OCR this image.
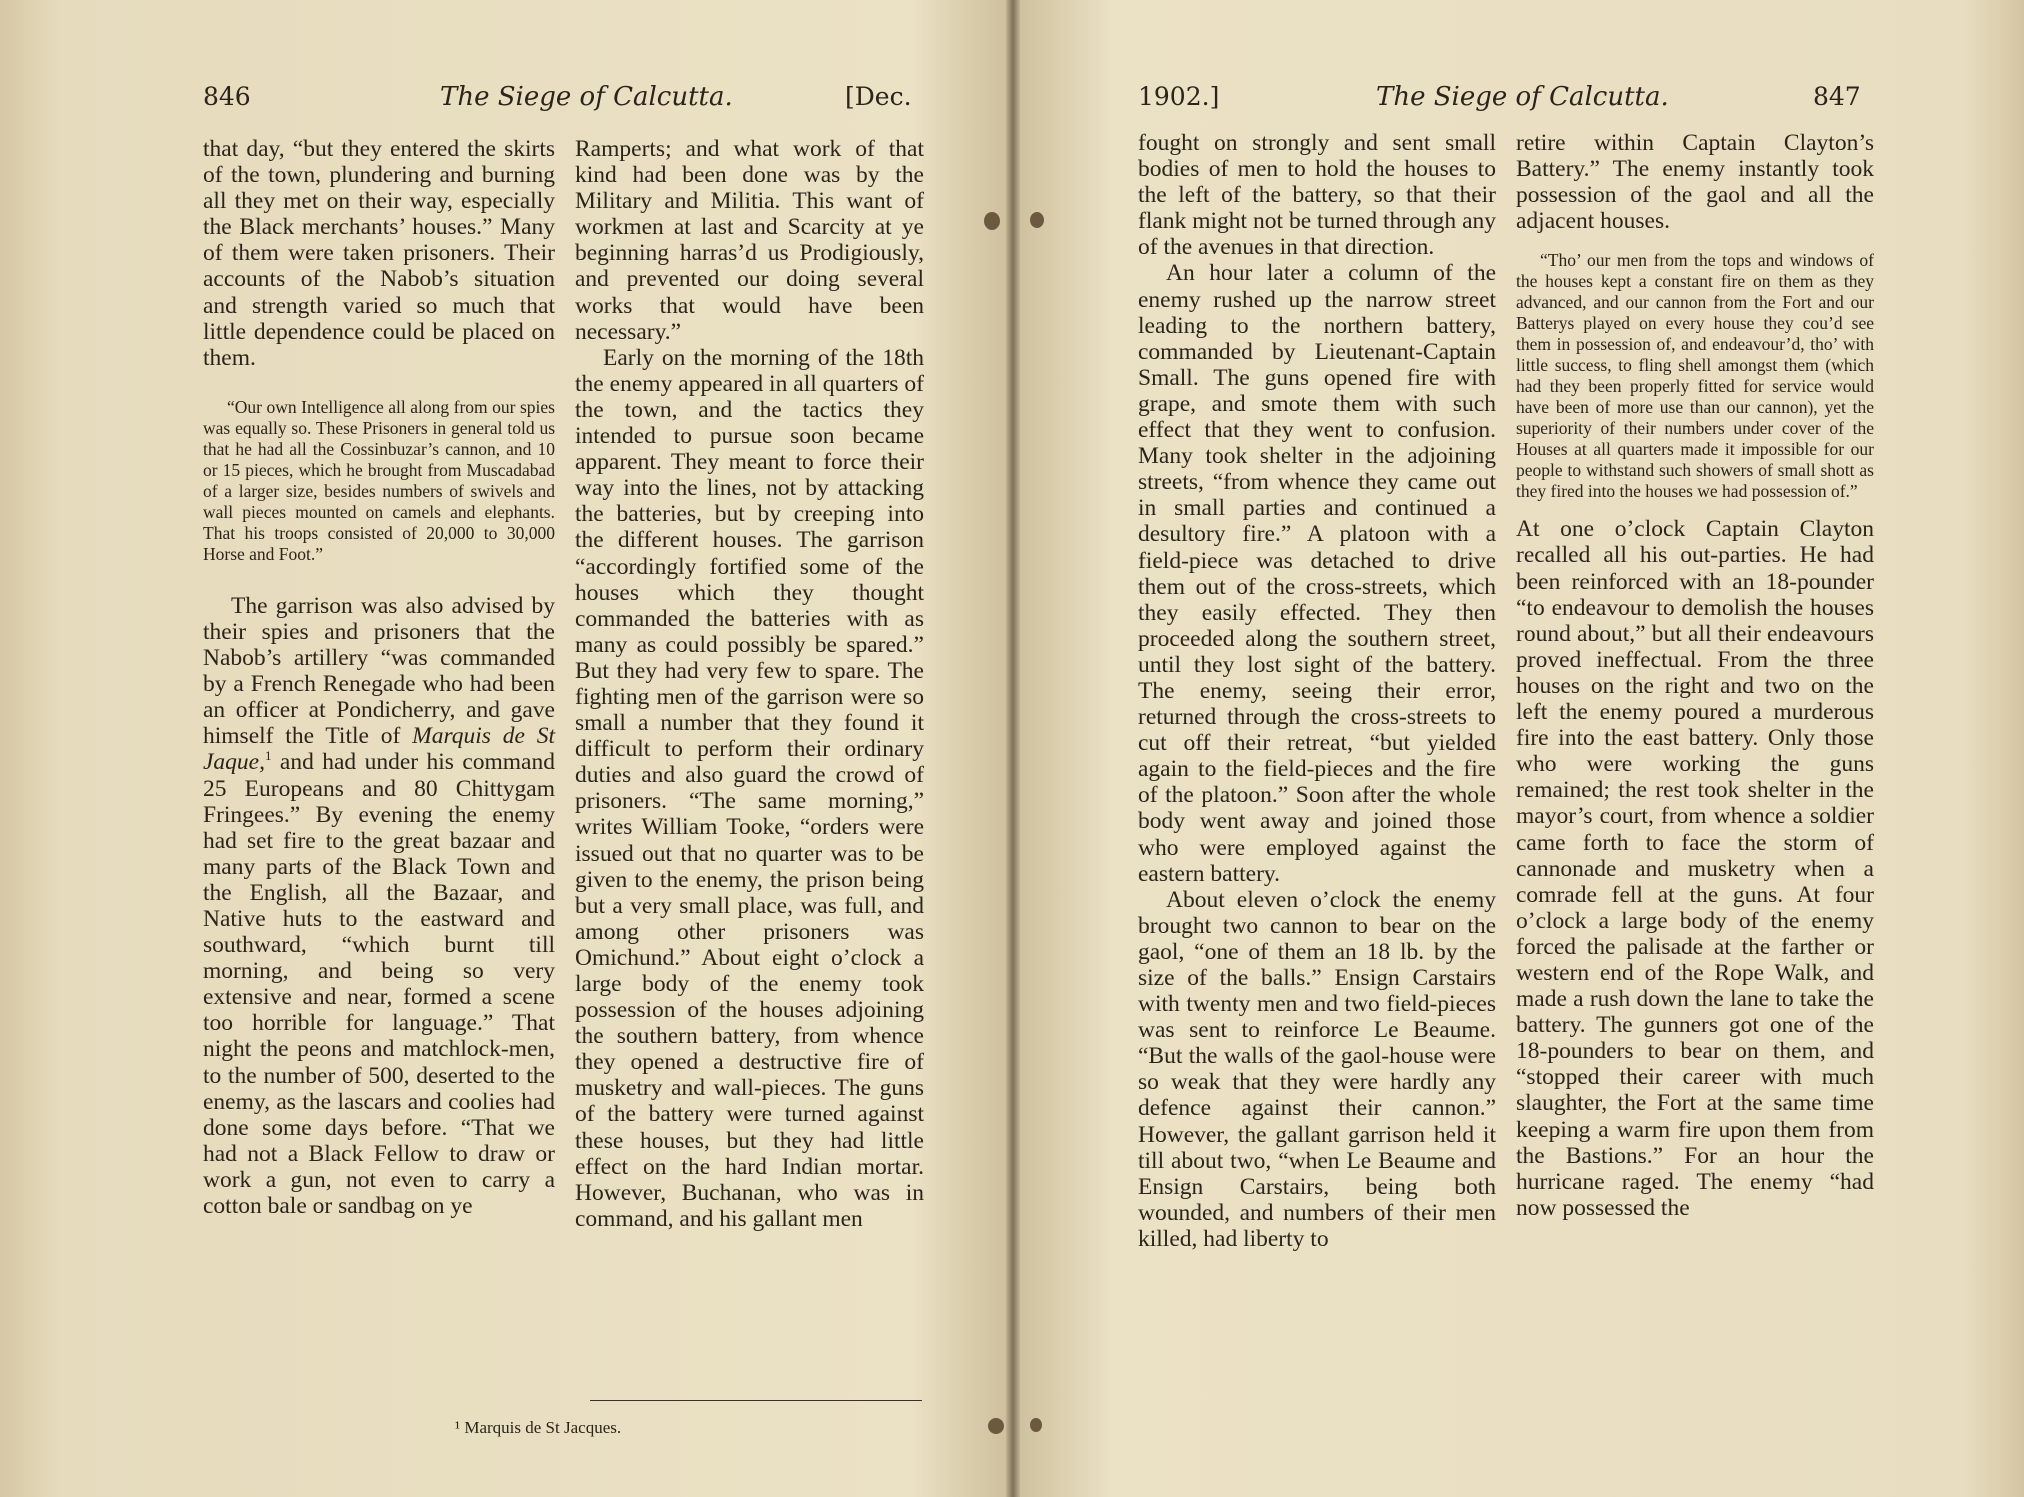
846	The Siege of Calcutta.	[Dec.

that day, “but they entered the skirts of the town, plundering and burning all they met on their way, especially the Black merchants’ houses.” Many of them were taken prisoners. Their accounts of the Nabob’s situation and strength varied so much that little dependence could be placed on them.

“Our own Intelligence all along from our spies was equally so. These Prisoners in general told us that he had all the Cossinbuzar’s cannon, and 10 or 15 pieces, which he brought from Muscadabad of a larger size, besides numbers of swivels and wall pieces mounted on camels and elephants. That his troops consisted of 20,000 to 30,000 Horse and Foot.”

The garrison was also advised by their spies and prisoners that the Nabob’s artillery “was commanded by a French Renegade who had been an officer at Pondicherry, and gave himself the Title of Marquis de St Jaque,$^1$ and had under his command 25 Europeans and 80 Chittygam Fringees.” By evening the enemy had set fire to the great bazaar and many parts of the Black Town and the English, all the Bazaar, and Native huts to the eastward and southward, “which burnt till morning, and being so very extensive and near, formed a scene too horrible for language.” That night the peons and matchlock-men, to the number of 500, deserted to the enemy, as the lascars and coolies had done some days before. “That we had not a Black Fellow to draw or work a gun, not even to carry a cotton bale or sandbag on ye

Ramperts; and what work of that kind had been done was by the Military and Militia. This want of workmen at last and Scarcity at ye beginning harras’d us Prodigiously, and prevented our doing several works that would have been necessary.”

Early on the morning of the 18th the enemy appeared in all quarters of the town, and the tactics they intended to pursue soon became apparent. They meant to force their way into the lines, not by attacking the batteries, but by creeping into the different houses. The garrison “accordingly fortified some of the houses which they thought commanded the batteries with as many as could possibly be spared.” But they had very few to spare. The fighting men of the garrison were so small a number that they found it difficult to perform their ordinary duties and also guard the crowd of prisoners. “The same morning,” writes William Tooke, “orders were issued out that no quarter was to be given to the enemy, the prison being but a very small place, was full, and among other prisoners was Omichund.” About eight o’clock a large body of the enemy took possession of the houses adjoining the southern battery, from whence they opened a destructive fire of musketry and wall-pieces. The guns of the battery were turned against these houses, but they had little effect on the hard Indian mortar. However, Buchanan, who was in command, and his gallant men

¹ Marquis de St Jacques.
1902.]	The Siege of Calcutta.	847

fought on strongly and sent small bodies of men to hold the houses to the left of the battery, so that their flank might not be turned through any of the avenues in that direction.

An hour later a column of the enemy rushed up the narrow street leading to the northern battery, commanded by Lieutenant-Captain Small. The guns opened fire with grape, and smote them with such effect that they went to confusion. Many took shelter in the adjoining streets, “from whence they came out in small parties and continued a desultory fire.” A platoon with a field-piece was detached to drive them out of the cross-streets, which they easily effected. They then proceeded along the southern street, until they lost sight of the battery. The enemy, seeing their error, returned through the cross-streets to cut off their retreat, “but yielded again to the field-pieces and the fire of the platoon.” Soon after the whole body went away and joined those who were employed against the eastern battery.

About eleven o’clock the enemy brought two cannon to bear on the gaol, “one of them an 18 lb. by the size of the balls.” Ensign Carstairs with twenty men and two field-pieces was sent to reinforce Le Beaume. “But the walls of the gaol-house were so weak that they were hardly any defence against their cannon.” However, the gallant garrison held it till about two, “when Le Beaume and Ensign Carstairs, being both wounded, and numbers of their men killed, had liberty to

retire within Captain Clayton’s Battery.” The enemy instantly took possession of the gaol and all the adjacent houses.

“Tho’ our men from the tops and windows of the houses kept a constant fire on them as they advanced, and our cannon from the Fort and our Batterys played on every house they cou’d see them in possession of, and endeavour’d, tho’ with little success, to fling shell amongst them (which had they been properly fitted for service would have been of more use than our cannon), yet the superiority of their numbers under cover of the Houses at all quarters made it impossible for our people to withstand such showers of small shott as they fired into the houses we had possession of.”

At one o’clock Captain Clayton recalled all his out-parties. He had been reinforced with an 18-pounder “to endeavour to demolish the houses round about,” but all their endeavours proved ineffectual. From the three houses on the right and two on the left the enemy poured a murderous fire into the east battery. Only those who were working the guns remained; the rest took shelter in the mayor’s court, from whence a soldier came forth to face the storm of cannonade and musketry when a comrade fell at the guns. At four o’clock a large body of the enemy forced the palisade at the farther or western end of the Rope Walk, and made a rush down the lane to take the battery. The gunners got one of the 18-pounders to bear on them, and “stopped their career with much slaughter, the Fort at the same time keeping a warm fire upon them from the Bastions.” For an hour the hurricane raged. The enemy “had now possessed the
